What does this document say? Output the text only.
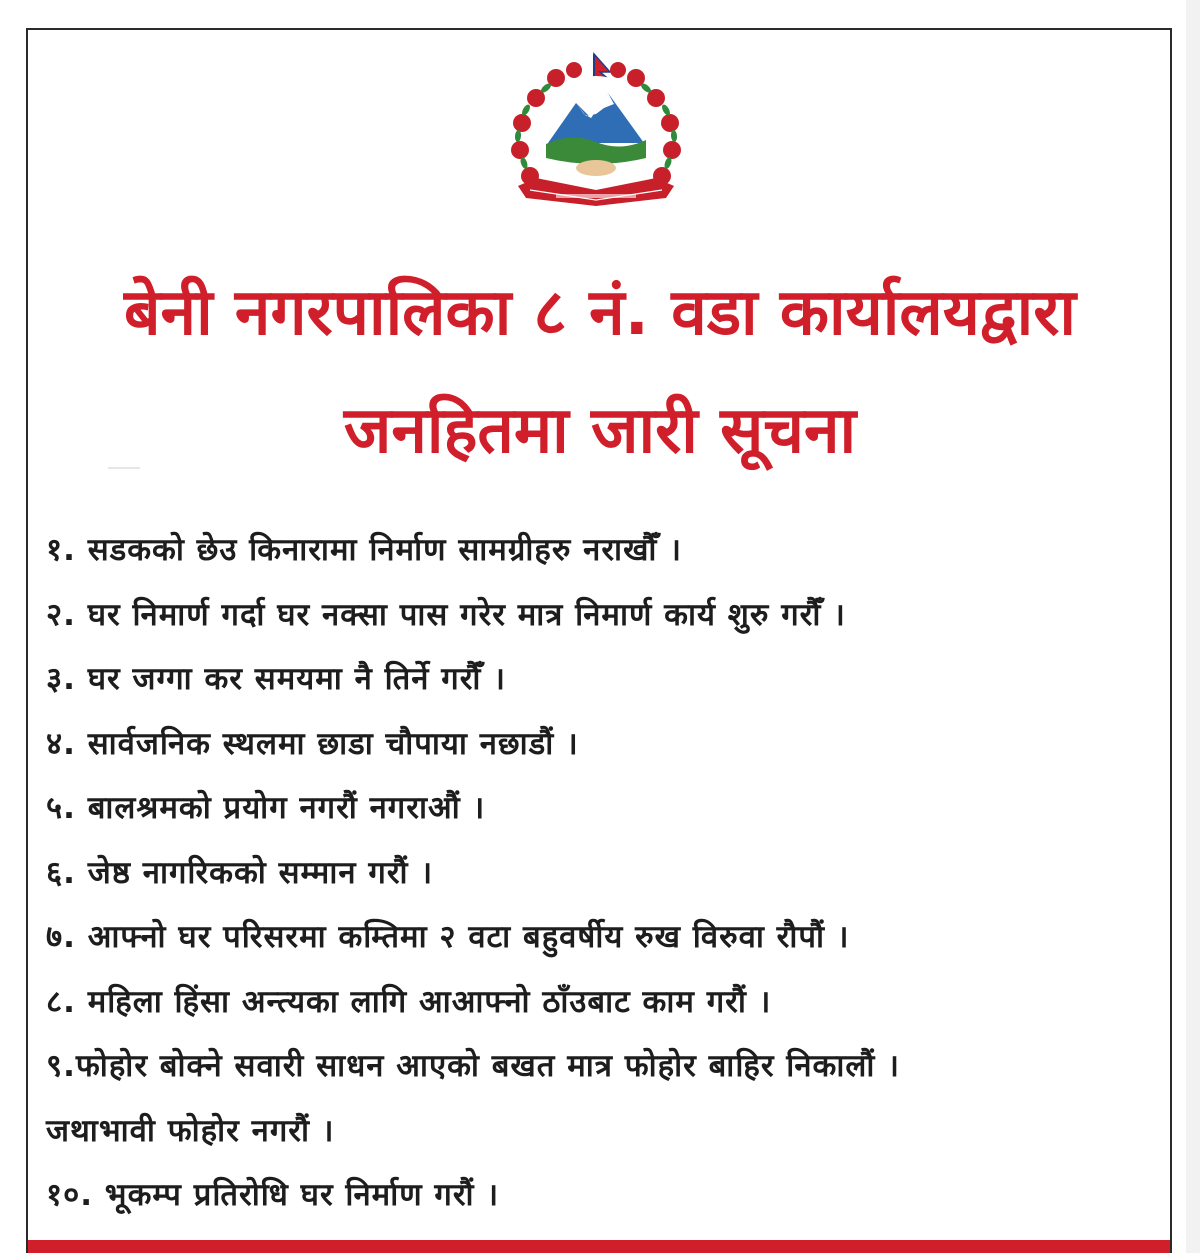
बेनी नगरपालिका ८ नं. वडा कार्यालयद्वारा
जनहितमा जारी सूचना
१. सडकको छेउ किनारामा निर्माण सामग्रीहरु नराखौँ ।
२. घर निमार्ण गर्दा घर नक्सा पास गरेर मात्र निमार्ण कार्य शुरु गरौँ ।
३. घर जग्गा कर समयमा नै तिर्ने गरौँ ।
४. सार्वजनिक स्थलमा छाडा चौपाया नछाडौं ।
५. बालश्रमको प्रयोग नगरौं नगराऔं ।
६. जेष्ठ नागरिकको सम्मान गरौं ।
७. आफ्नो घर परिसरमा कम्तिमा २ वटा बहुवर्षीय रुख विरुवा रौपौं ।
८. महिला हिंसा अन्त्यका लागि आआफ्नो ठाँउबाट काम गरौं ।
९.फोहोर बोक्ने सवारी साधन आएको बखत मात्र फोहोर बाहिर निकालौं ।
जथाभावी फोहोर नगरौं ।
१०. भूकम्प प्रतिरोधि घर निर्माण गरौं ।
